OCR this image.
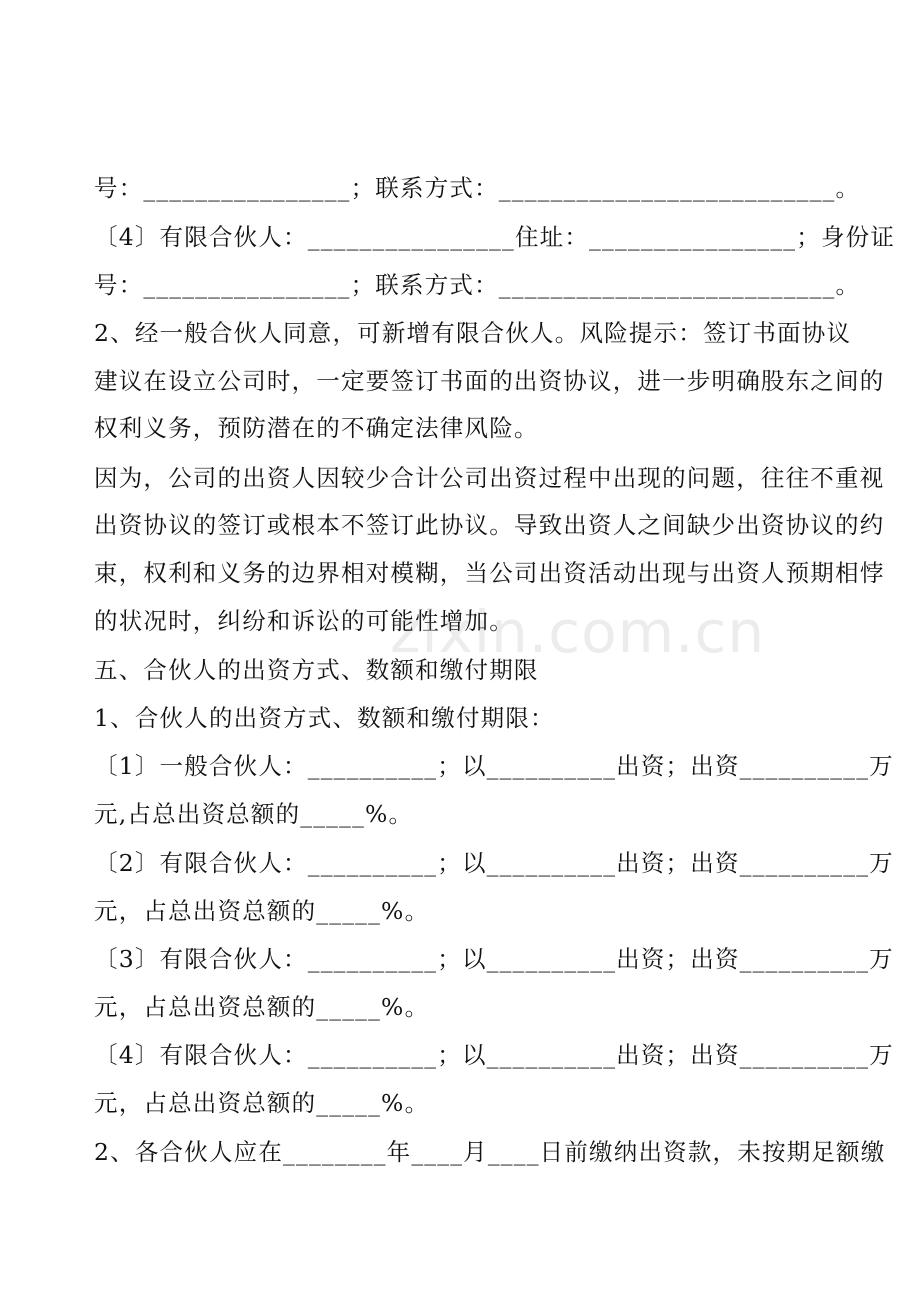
号：________________；联系方式：__________________________。
〔4〕有限合伙人：________________住址：________________；身份证
号：________________；联系方式：__________________________。
2、经一般合伙人同意，可新增有限合伙人。风险提示：签订书面协议
建议在设立公司时，一定要签订书面的出资协议，进一步明确股东之间的
权利义务，预防潜在的不确定法律风险。
因为，公司的出资人因较少合计公司出资过程中出现的问题，往往不重视
出资协议的签订或根本不签订此协议。导致出资人之间缺少出资协议的约
束，权利和义务的边界相对模糊，当公司出资活动出现与出资人预期相悖
的状况时，纠纷和诉讼的可能性增加。
五、合伙人的出资方式、数额和缴付期限
1、合伙人的出资方式、数额和缴付期限：
〔1〕一般合伙人：__________；以__________出资；出资__________万
元,占总出资总额的_____%。
〔2〕有限合伙人：__________；以__________出资；出资__________万
元，占总出资总额的_____%。
〔3〕有限合伙人：__________；以__________出资；出资__________万
元，占总出资总额的_____%。
〔4〕有限合伙人：__________；以__________出资；出资__________万
元，占总出资总额的_____%。
2、各合伙人应在________年____月____日前缴纳出资款，未按期足额缴
zixin.com.cn
